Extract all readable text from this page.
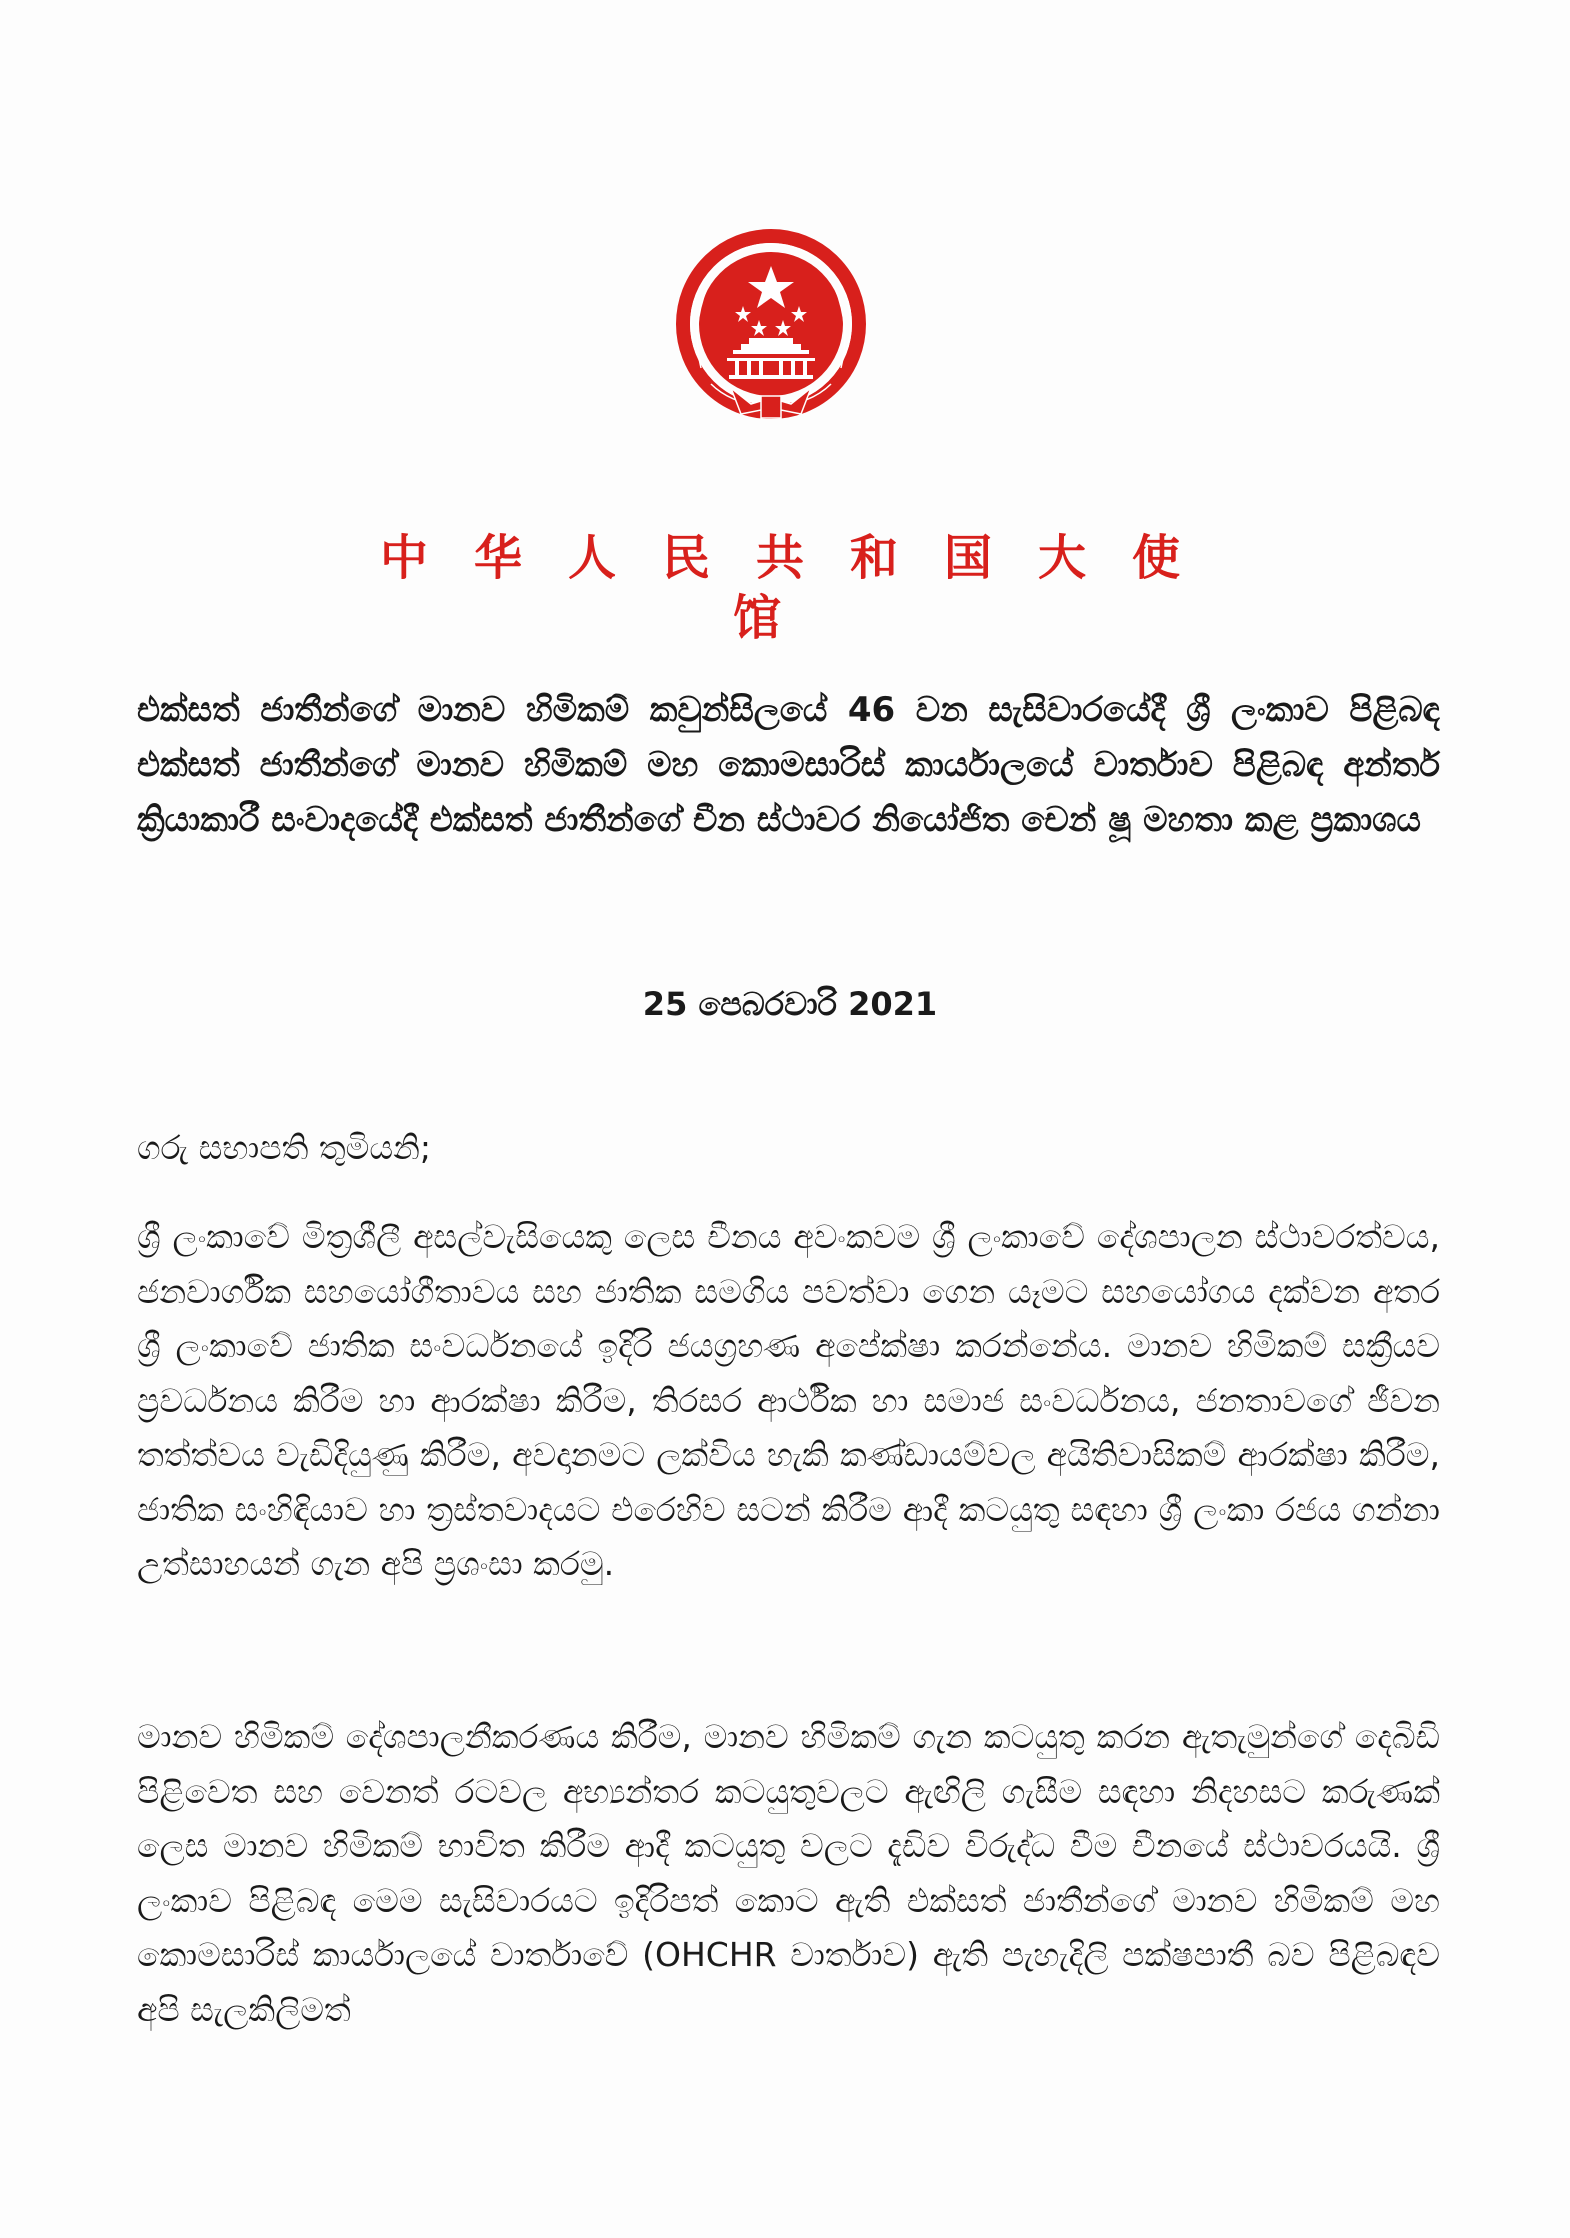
中华人民共和国大使馆
එක්සත් ජාතීන්ගේ මානව හිමිකම් කවුන්සිලයේ 46 වන සැසිවාරයේදී ශ්‍රී ලංකාව පිළිබඳ එක්සත් ජාතීන්ගේ මානව හිමිකම් මහ කොමසාරිස් කාර්යාලයේ වාර්තාව පිළිබඳ අන්තර් ක්‍රියාකාරී සංවාදයේදී එක්සත් ජාතීන්ගේ චීන ස්ථාවර නියෝජිත චෙන් ෂූ මහතා කළ ප්‍රකාශය
25 පෙබරවාරි 2021
ගරු සභාපති තුමියනි;
ශ්‍රී ලංකාවේ මිත්‍රශීලී අසල්වැසියෙකු ලෙස චීනය අවංකවම ශ්‍රී ලංකාවේ දේශපාලන ස්ථාවරත්වය, ජනවාර්ගික සහයෝගීතාවය සහ ජාතික සමගිය පවත්වා ගෙන යෑමට සහයෝගය දක්වන අතර ශ්‍රී ලංකාවේ ජාතික සංවර්ධනයේ ඉදිරි ජයග්‍රහණ අපේක්ෂා කරන්නේය. මානව හිමිකම් සක්‍රීයව ප්‍රවර්ධනය කිරීම හා ආරක්ෂා කිරීම, තිරසර ආර්ථික හා සමාජ සංවර්ධනය, ජනතාවගේ ජීවන තත්ත්වය වැඩිදියුණු කිරීම, අවදානමට ලක්විය හැකි කණ්ඩායම්වල අයිතිවාසිකම් ආරක්ෂා කිරීම, ජාතික සංහිඳියාව හා ත්‍රස්තවාදයට එරෙහිව සටන් කිරීම ආදී කටයුතු සඳහා ශ්‍රී ලංකා රජය ගන්නා උත්සාහයන් ගැන අපි ප්‍රශංසා කරමු.
මානව හිමිකම් දේශපාලනීකරණය කිරීම, මානව හිමිකම් ගැන කටයුතු කරන ඇතැමුන්ගේ දෙබිඩි පිළිවෙත සහ වෙනත් රටවල අභ්‍යන්තර කටයුතුවලට ඇඟිලි ගැසීම සඳහා නිදහසට කරුණක් ලෙස මානව හිමිකම් භාවිත කිරීම ආදී කටයුතු වලට දැඩිව විරුද්ධ වීම චීනයේ ස්ථාවරයයි. ශ්‍රී ලංකාව පිළිබඳ මෙම සැසිවාරයට ඉදිරිපත් කොට ඇති එක්සත් ජාතීන්ගේ මානව හිමිකම් මහ කොමසාරිස් කාර්යාලයේ වාර්තාවේ (OHCHR වාර්තාව) ඇති පැහැදිලි පක්ෂපාතී බව පිළිබඳව අපි සැලකිලිමත්
